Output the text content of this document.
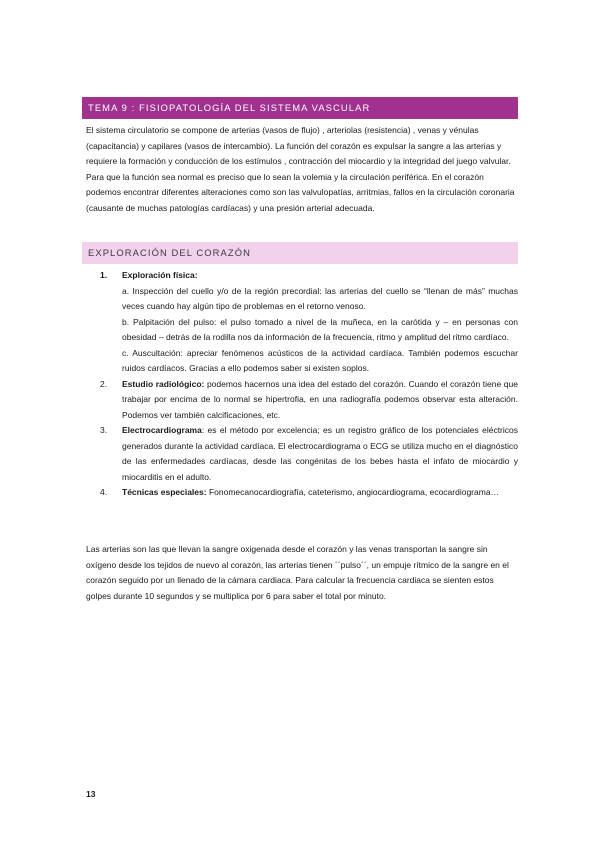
TEMA 9 : FISIOPATOLOGÍA DEL SISTEMA VASCULAR

El sistema circulatorio se compone de arterias (vasos de flujo) , arteriolas (resistencia) , venas y vénulas (capacitancia) y capilares (vasos de intercambio). La función del corazón es expulsar la sangre a las arterias y requiere la formación y conducción de los estímulos , contracción del miocardio y la integridad del juego valvular. Para que la función sea normal es preciso que lo sean la volemia y la circulación periférica. En el corazón podemos encontrar diferentes alteraciones como son las valvulopatías, arritmias, fallos en la circulación coronaria (causante de muchas patologías cardíacas) y una presión arterial adecuada.

EXPLORACIÓN DEL CORAZÓN
1. Exploración física:
a. Inspección del cuello y/o de la región precordial: las arterias del cuello se “llenan de más” muchas veces cuando hay algún tipo de problemas en el retorno venoso.
b. Palpitación del pulso: el pulso tomado a nivel de la muñeca, en la carótida y – en personas con obesidad – detrás de la rodilla nos da información de la frecuencia, ritmo y amplitud del ritmo cardíaco.
c. Auscultación: apreciar fenómenos acústicos de la actividad cardíaca. También podemos escuchar ruidos cardíacos. Gracias a ello podemos saber si existen soplos.
2. Estudio radiológico: podemos hacernos una idea del estado del corazón. Cuando el corazón tiene que trabajar por encima de lo normal se hipertrofia, en una radiografía podemos observar esta alteración. Podemos ver también calcificaciones, etc.
3. Electrocardiograma: es el método por excelencia; es un registro gráfico de los potenciales eléctricos generados durante la actividad cardíaca. El electrocardiograma o ECG se utiliza mucho en el diagnóstico de las enfermedades cardíacas, desde las congénitas de los bebes hasta el infato de miocardio y miocarditis en el adulto.
4. Técnicas especiales: Fonomecanocardiografía, cateterismo, angiocardiograma, ecocardiograma…

Las arterias son las que llevan la sangre oxigenada desde el corazón y las venas transportan la sangre sin oxígeno desde los tejidos de nuevo al corazón, las arterias tienen ´´pulso´´, un empuje rítmico de la sangre en el corazón seguido por un llenado de la cámara cardiaca. Para calcular la frecuencia cardiaca se sienten estos golpes durante 10 segundos y se multiplica por 6 para saber el total por minuto.

13
